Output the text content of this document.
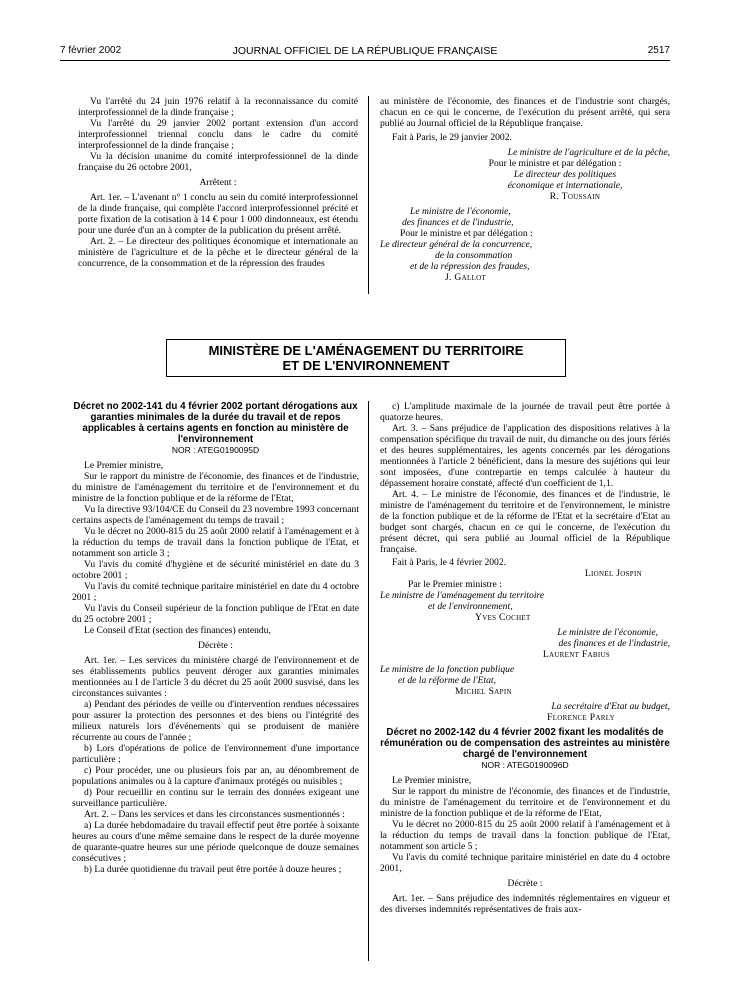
7 février 2002	JOURNAL OFFICIEL DE LA RÉPUBLIQUE FRANÇAISE	2517

Vu l'arrêté du 24 juin 1976 relatif à la reconnaissance du comité interprofessionnel de la dinde française ;

Vu l'arrêté du 29 janvier 2002 portant extension d'un accord interprofessionnel triennal conclu dans le cadre du comité interprofessionnel de la dinde française ;

Vu la décision unanime du comité interprofessionnel de la dinde française du 26 octobre 2001,

Arrêtent :

Art. 1er. – L'avenant n° 1 conclu au sein du comité interprofessionnel de la dinde française, qui complète l'accord interprofessionnel précité et porte fixation de la cotisation à 14 € pour 1 000 dindonneaux, est étendu pour une durée d'un an à compter de la publication du présent arrêté.

Art. 2. – Le directeur des politiques économique et internationale au ministère de l'agriculture et de la pêche et le directeur général de la concurrence, de la consommation et de la répression des fraudes

au ministère de l'économie, des finances et de l'industrie sont chargés, chacun en ce qui le concerne, de l'exécution du présent arrêté, qui sera publié au Journal officiel de la République française.

Fait à Paris, le 29 janvier 2002.

Le ministre de l'agriculture et de la pêche,

Pour le ministre et par délégation :

Le directeur des politiques

économique et internationale,

R. Toussain

Le ministre de l'économie,

des finances et de l'industrie,

Pour le ministre et par délégation :

Le directeur général de la concurrence,

de la consommation

et de la répression des fraudes,

J. Gallot

MINISTÈRE DE L'AMÉNAGEMENT DU TERRITOIRE
ET DE L'ENVIRONNEMENT
Décret no 2002-141 du 4 février 2002 portant dérogations aux garanties minimales de la durée du travail et de repos applicables à certains agents en fonction au ministère de l'environnement
NOR : ATEG0190095D

Le Premier ministre,

Sur le rapport du ministre de l'économie, des finances et de l'industrie, du ministre de l'aménagement du territoire et de l'environnement et du ministre de la fonction publique et de la réforme de l'Etat,

Vu la directive 93/104/CE du Conseil du 23 novembre 1993 concernant certains aspects de l'aménagement du temps de travail ;

Vu le décret no 2000-815 du 25 août 2000 relatif à l'aménagement et à la réduction du temps de travail dans la fonction publique de l'Etat, et notamment son article 3 ;

Vu l'avis du comité d'hygiène et de sécurité ministériel en date du 3 octobre 2001 ;

Vu l'avis du comité technique paritaire ministériel en date du 4 octobre 2001 ;

Vu l'avis du Conseil supérieur de la fonction publique de l'Etat en date du 25 octobre 2001 ;

Le Conseil d'Etat (section des finances) entendu,

Décrète :

Art. 1er. – Les services du ministère chargé de l'environnement et de ses établissements publics peuvent déroger aux garanties minimales mentionnées au I de l'article 3 du décret du 25 août 2000 susvisé, dans les circonstances suivantes :

a) Pendant des périodes de veille ou d'intervention rendues nécessaires pour assurer la protection des personnes et des biens ou l'intégrité des milieux naturels lors d'événements qui se produisent de manière récurrente au cours de l'année ;

b) Lors d'opérations de police de l'environnement d'une importance particulière ;

c) Pour procéder, une ou plusieurs fois par an, au dénombrement de populations animales ou à la capture d'animaux protégés ou nuisibles ;

d) Pour recueillir en continu sur le terrain des données exigeant une surveillance particulière.

Art. 2. – Dans les services et dans les circonstances susmentionnés :

a) La durée hebdomadaire du travail effectif peut être portée à soixante heures au cours d'une même semaine dans le respect de la durée moyenne de quarante-quatre heures sur une période quelconque de douze semaines consécutives ;

b) La durée quotidienne du travail peut être portée à douze heures ;

c) L'amplitude maximale de la journée de travail peut être portée à quatorze heures.

Art. 3. – Sans préjudice de l'application des dispositions relatives à la compensation spécifique du travail de nuit, du dimanche ou des jours fériés et des heures supplémentaires, les agents concernés par les dérogations mentionnées à l'article 2 bénéficient, dans la mesure des sujétions qui leur sont imposées, d'une contrepartie en temps calculée à hauteur du dépassement horaire constaté, affecté d'un coefficient de 1,1.

Art. 4. – Le ministre de l'économie, des finances et de l'industrie, le ministre de l'aménagement du territoire et de l'environnement, le ministre de la fonction publique et de la réforme de l'Etat et la secrétaire d'Etat au budget sont chargés, chacun en ce qui le concerne, de l'exécution du présent décret, qui sera publié au Journal officiel de la République française.

Fait à Paris, le 4 février 2002.

Lionel Jospin

Par le Premier ministre :

Le ministre de l'aménagement du territoire

et de l'environnement,

Yves Cochet

Le ministre de l'économie,

des finances et de l'industrie,

Laurent Fabius

Le ministre de la fonction publique

et de la réforme de l'Etat,

Michel Sapin

La secrétaire d'Etat au budget,

Florence Parly

Décret no 2002-142 du 4 février 2002 fixant les modalités de rémunération ou de compensation des astreintes au ministère chargé de l'environnement
NOR : ATEG0190096D

Le Premier ministre,

Sur le rapport du ministre de l'économie, des finances et de l'industrie, du ministre de l'aménagement du territoire et de l'environnement et du ministre de la fonction publique et de la réforme de l'Etat,

Vu le décret no 2000-815 du 25 août 2000 relatif à l'aménagement et à la réduction du temps de travail dans la fonction publique de l'Etat, notamment son article 5 ;

Vu l'avis du comité technique paritaire ministériel en date du 4 octobre 2001,

Décrète :

Art. 1er. – Sans préjudice des indemnités réglementaires en vigueur et des diverses indemnités représentatives de frais aux-
